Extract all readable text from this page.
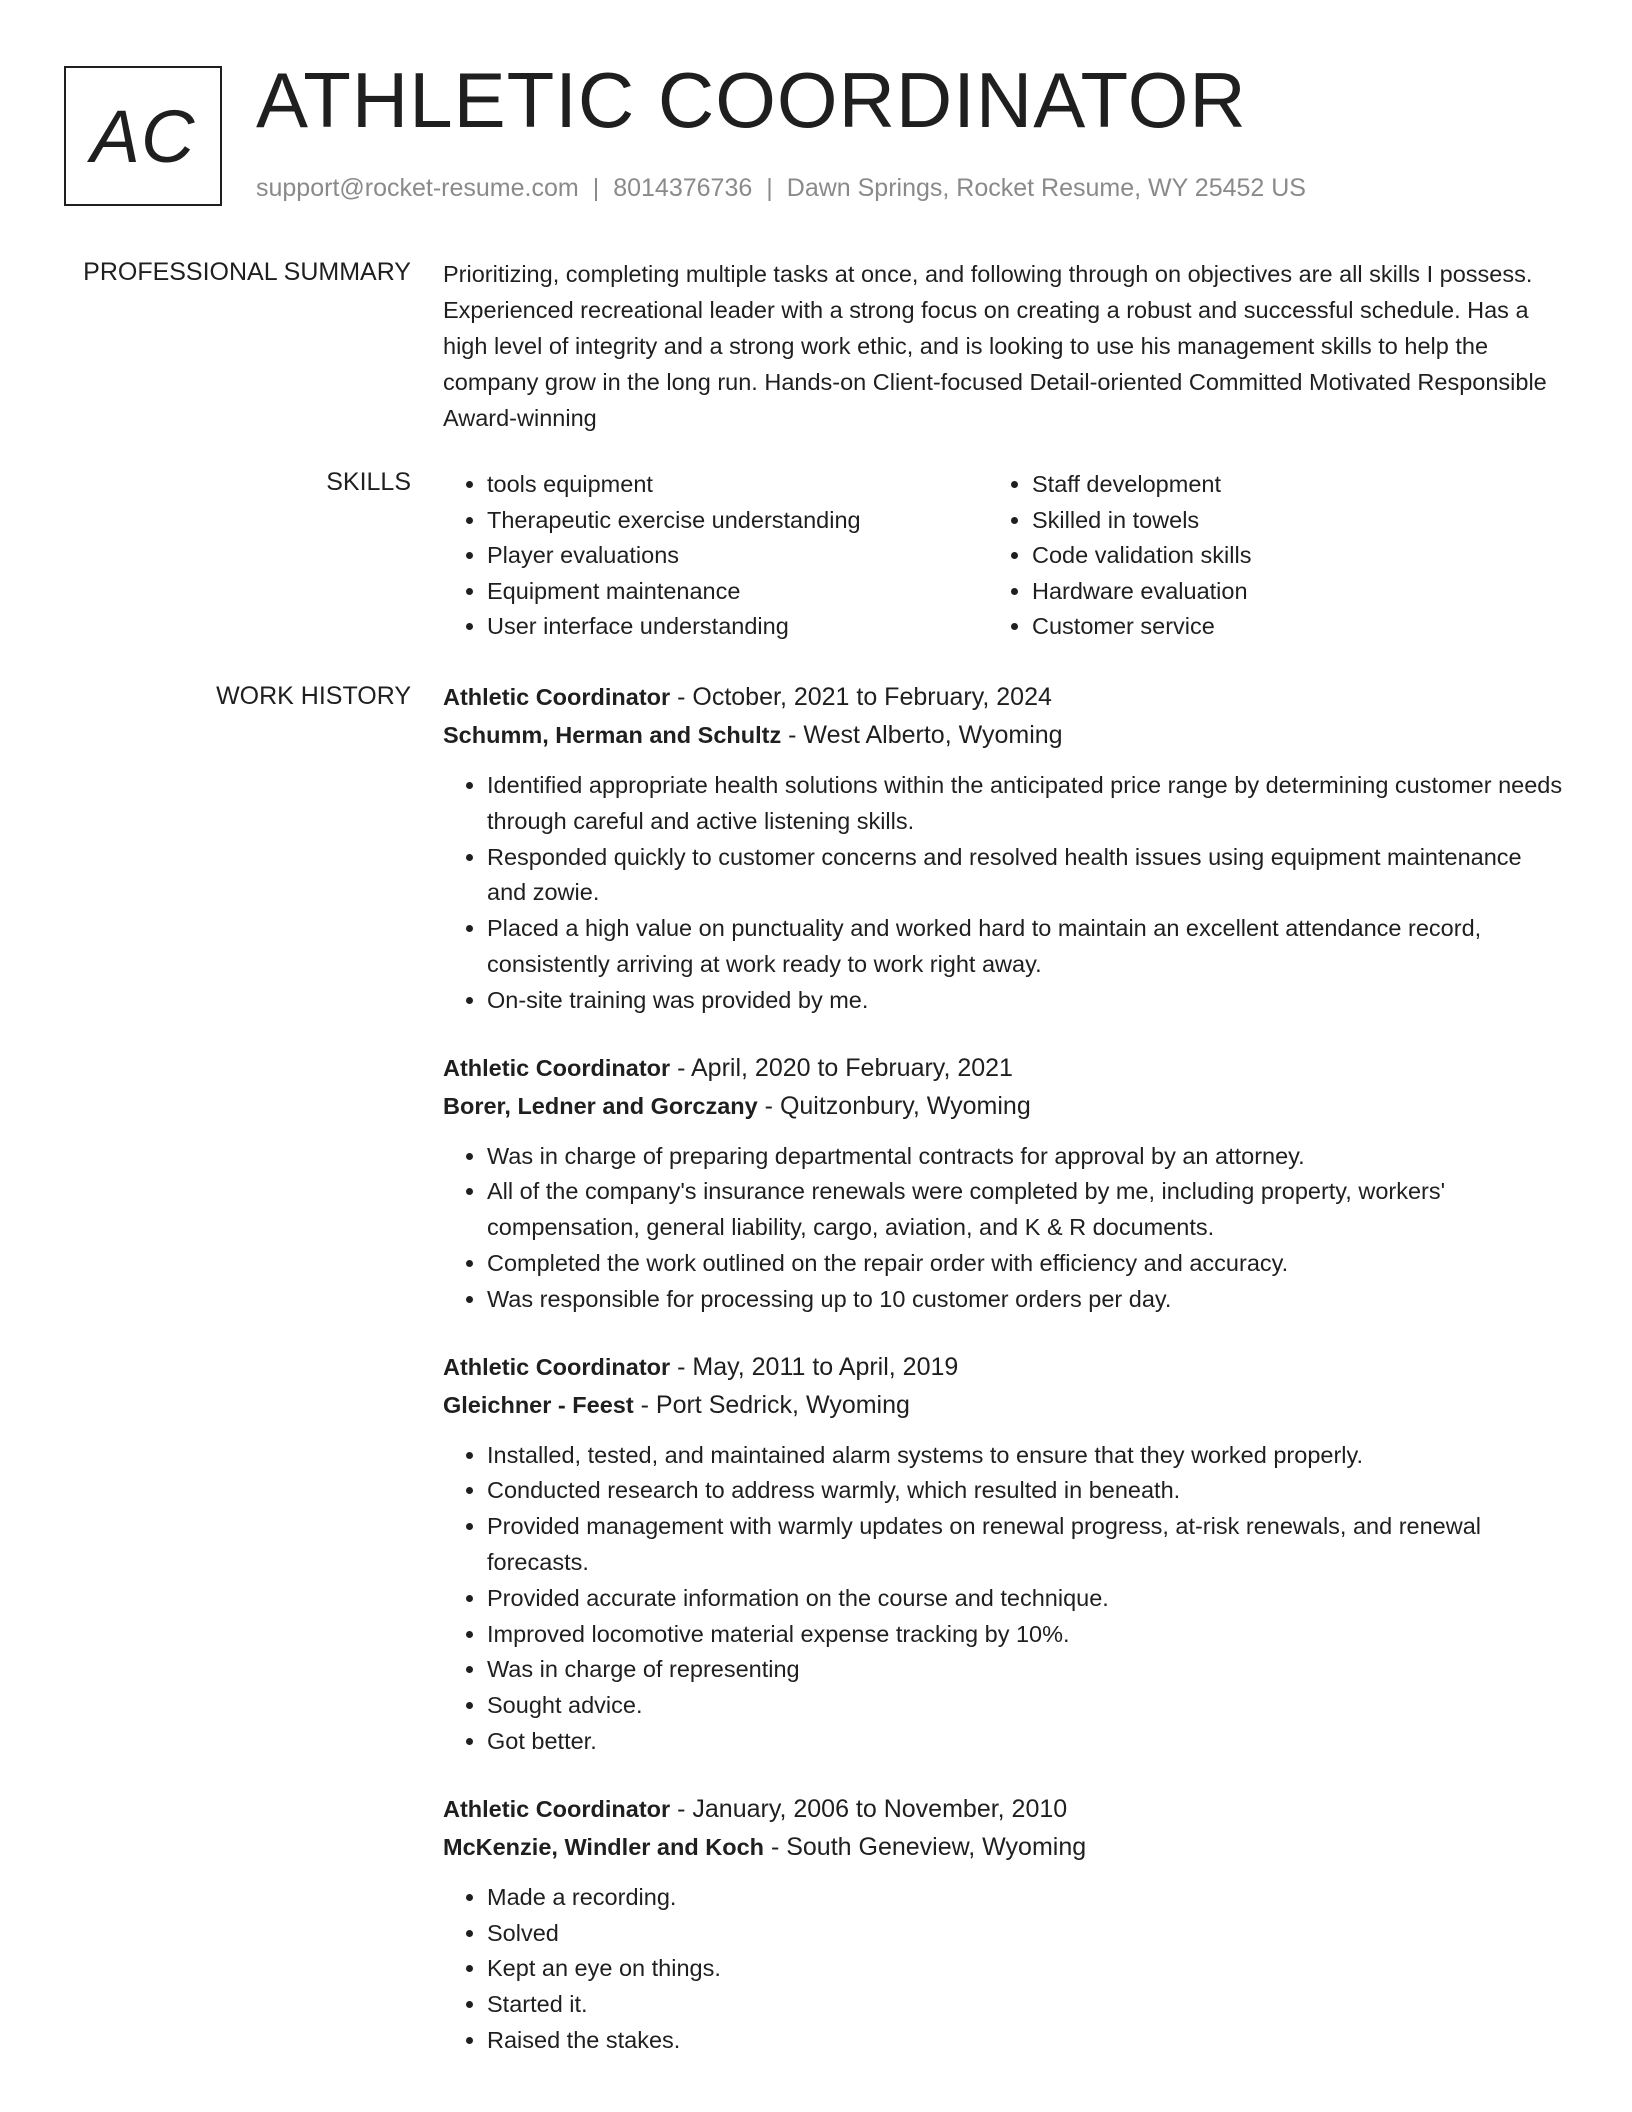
AC ATHLETIC COORDINATOR
support@rocket-resume.com | 8014376736 | Dawn Springs, Rocket Resume, WY 25452 US
PROFESSIONAL SUMMARY Prioritizing, completing multiple tasks at once, and following through on objectives are all skills I possess. Experienced recreational leader with a strong focus on creating a robust and successful schedule. Has a high level of integrity and a strong work ethic, and is looking to use his management skills to help the company grow in the long run. Hands-on Client-focused Detail-oriented Committed Motivated Responsible Award-winning

SKILLS
•	tools equipment
• Therapeutic exercise understanding
• Player evaluations
• Equipment maintenance
• User interface understanding
• Staff development
• Skilled in towels
• Code validation skills
• Hardware evaluation
• Customer service
WORK HISTORY Athletic Coordinator - October, 2021 to February, 2024
Schumm, Herman and Schultz - West Alberto, Wyoming
• Identified appropriate health solutions within the anticipated price range by determining customer needs through careful and active listening skills.
• Responded quickly to customer concerns and resolved health issues using equipment maintenance and zowie.
• Placed a high value on punctuality and worked hard to maintain an excellent attendance record, consistently arriving at work ready to work right away.
• On-site training was provided by me.
Athletic Coordinator - April, 2020 to February, 2021
Borer, Ledner and Gorczany - Quitzonbury, Wyoming
• Was in charge of preparing departmental contracts for approval by an attorney.
• All of the company's insurance renewals were completed by me, including property, workers' compensation, general liability, cargo, aviation, and K & R documents.
• Completed the work outlined on the repair order with efficiency and accuracy.
• Was responsible for processing up to 10 customer orders per day.
Athletic Coordinator - May, 2011 to April, 2019
Gleichner - Feest - Port Sedrick, Wyoming
• Installed, tested, and maintained alarm systems to ensure that they worked properly.
• Conducted research to address warmly, which resulted in beneath.
• Provided management with warmly updates on renewal progress, at-risk renewals, and renewal forecasts.
• Provided accurate information on the course and technique.
• Improved locomotive material expense tracking by 10%.
• Was in charge of representing
• Sought advice.
• Got better.
Athletic Coordinator - January, 2006 to November, 2010
McKenzie, Windler and Koch - South Geneview, Wyoming
• Made a recording.
• Solved
• Kept an eye on things.
• Started it.
• Raised the stakes.
